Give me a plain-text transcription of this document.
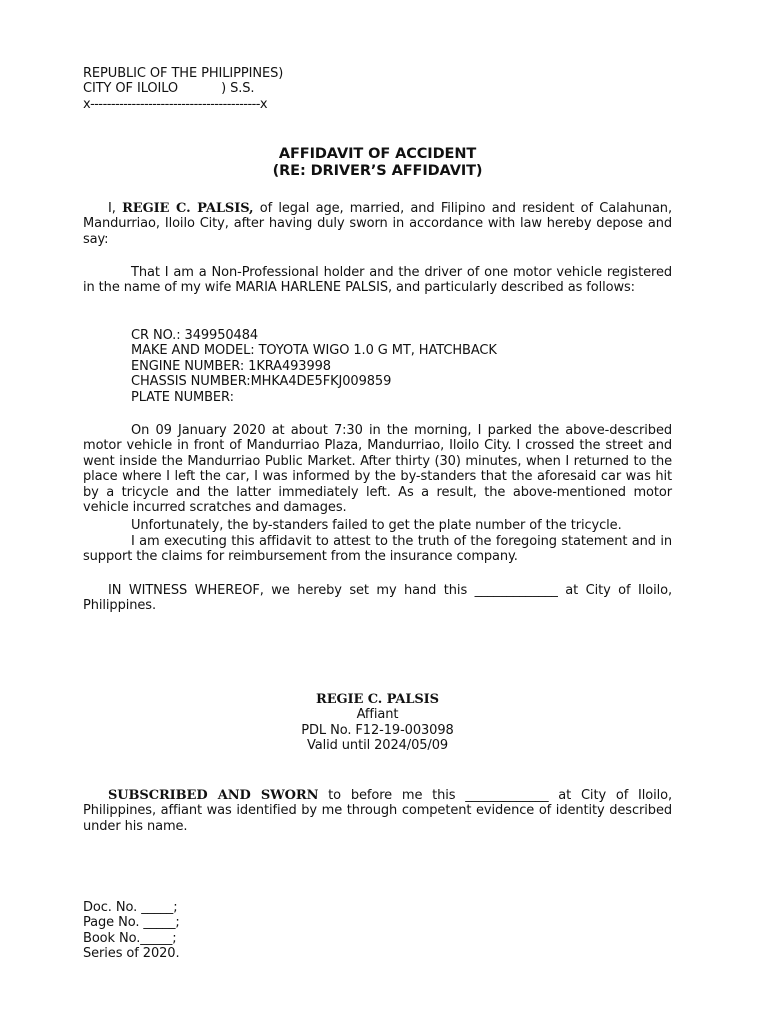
REPUBLIC OF THE PHILIPPINES)
CITY OF ILOILO	) S.S.
x-----------------------------------------x
AFFIDAVIT OF ACCIDENT
(RE: DRIVER’S AFFIDAVIT)

I, REGIE C. PALSIS, of legal age, married, and Filipino and resident of Calahunan, Mandurriao, Iloilo City, after having duly sworn in accordance with law hereby depose and say:

That I am a Non-Professional holder and the driver of one motor vehicle registered in the name of my wife MARIA HARLENE PALSIS, and particularly described as follows:

CR NO.: 349950484
MAKE AND MODEL: TOYOTA WIGO 1.0 G MT, HATCHBACK
ENGINE NUMBER: 1KRA493998
CHASSIS NUMBER:MHKA4DE5FKJ009859
PLATE NUMBER:

On 09 January 2020 at about 7:30 in the morning, I parked the above-described motor vehicle in front of Mandurriao Plaza, Mandurriao, Iloilo City. I crossed the street and went inside the Mandurriao Public Market. After thirty (30) minutes, when I returned to the place where I left the car, I was informed by the by-standers that the aforesaid car was hit by a tricycle and the latter immediately left. As a result, the above-mentioned motor vehicle incurred scratches and damages.

Unfortunately, the by-standers failed to get the plate number of the tricycle.

I am executing this affidavit to attest to the truth of the foregoing statement and in support the claims for reimbursement from the insurance company.

IN WITNESS WHEREOF, we hereby set my hand this _____________ at City of Iloilo, Philippines.

REGIE C. PALSIS
Affiant
PDL No. F12-19-003098
Valid until 2024/05/09

SUBSCRIBED AND SWORN to before me this _____________ at City of Iloilo, Philippines, affiant was identified by me through competent evidence of identity described under his name.

Doc. No. _____;
Page No. _____;
Book No._____;
Series of 2020.
